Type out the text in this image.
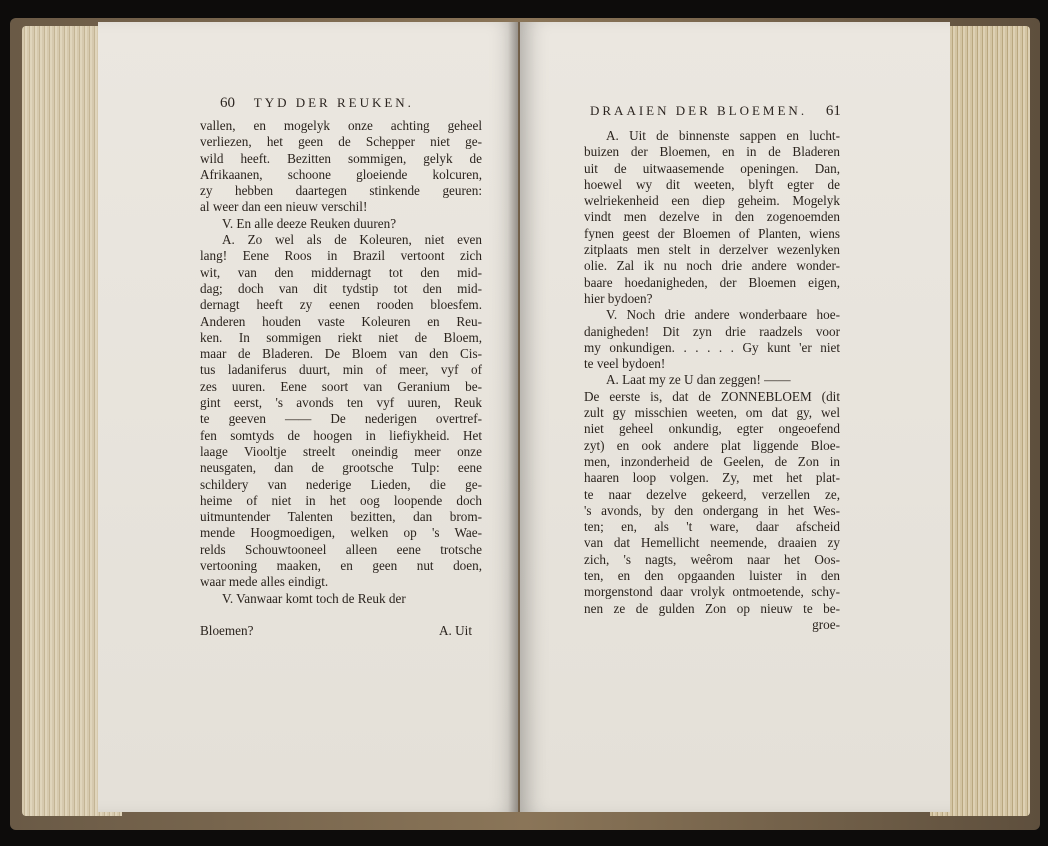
60 TYD DER REUKEN.
vallen, en mogelyk onze achting geheel
verliezen, het geen de Schepper niet ge-
wild heeft. Bezitten sommigen, gelyk de
Afrikaanen, schoone gloeiende kolcuren,
zy hebben daartegen stinkende geuren:
al weer dan een nieuw verschil!
V. En alle deeze Reuken duuren?
A. Zo wel als de Koleuren, niet even
lang! Eene Roos in Brazil vertoont zich
wit, van den middernagt tot den mid-
dag; doch van dit tydstip tot den mid-
dernagt heeft zy eenen rooden bloesfem.
Anderen houden vaste Koleuren en Reu-
ken. In sommigen riekt niet de Bloem,
maar de Bladeren. De Bloem van den Cis-
tus ladaniferus duurt, min of meer, vyf of
zes uuren. Eene soort van Geranium be-
gint eerst, 's avonds ten vyf uuren, Reuk
te geeven —— De nederigen overtref-
fen somtyds de hoogen in liefiykheid. Het
laage Viooltje streelt oneindig meer onze
neusgaten, dan de grootsche Tulp: eene
schildery van nederige Lieden, die ge-
heime of niet in het oog loopende doch
uitmuntender Talenten bezitten, dan brom-
mende Hoogmoedigen, welken op 's Wae-
relds Schouwtooneel alleen eene trotsche
vertooning maaken, en geen nut doen,
waar mede alles eindigt.
V. Vanwaar komt toch de Reuk der
Bloemen?	A. Uit
DRAAIEN DER BLOEMEN. 61
A. Uit de binnenste sappen en lucht-
buizen der Bloemen, en in de Bladeren
uit de uitwaasemende openingen. Dan,
hoewel wy dit weeten, blyft egter de
welriekenheid een diep geheim. Mogelyk
vindt men dezelve in den zogenoemden
fynen geest der Bloemen of Planten, wiens
zitplaats men stelt in derzelver wezenlyken
olie. Zal ik nu noch drie andere wonder-
baare hoedanigheden, der Bloemen eigen,
hier bydoen?
V. Noch drie andere wonderbaare hoe-
danigheden! Dit zyn drie raadzels voor
my onkundigen. . . . . . Gy kunt 'er niet
te veel bydoen!
A. Laat my ze U dan zeggen! ——
De eerste is, dat de ZONNEBLOEM (dit
zult gy misschien weeten, om dat gy, wel
niet geheel onkundig, egter ongeoefend
zyt) en ook andere plat liggende Bloe-
men, inzonderheid de Geelen, de Zon in
haaren loop volgen. Zy, met het plat-
te naar dezelve gekeerd, verzellen ze,
's avonds, by den ondergang in het Wes-
ten; en, als 't ware, daar afscheid
van dat Hemellicht neemende, draaien zy
zich, 's nagts, weêrom naar het Oos-
ten, en den opgaanden luister in den
morgenstond daar vrolyk ontmoetende, schy-
nen ze de gulden Zon op nieuw te be-
groe-
